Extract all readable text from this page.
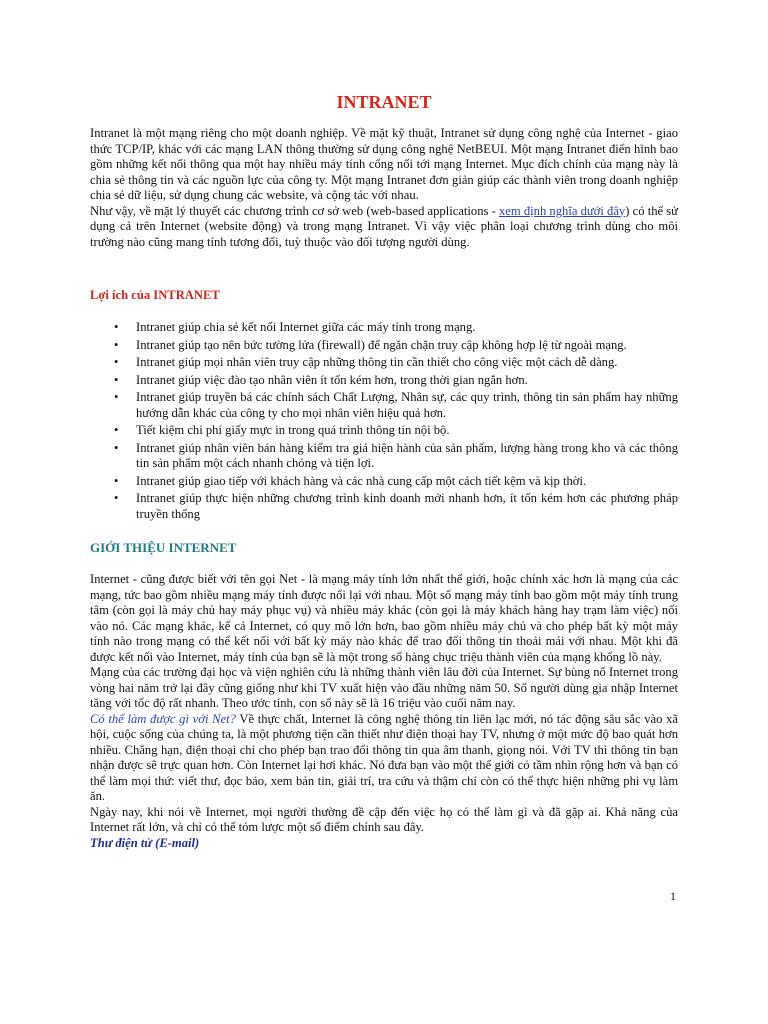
INTRANET

Intranet là một mạng riêng cho một doanh nghiệp. Về mặt kỹ thuật, Intranet sử dụng công nghệ của Internet - giao thức TCP/IP, khác với các mạng LAN thông thường sử dụng công nghệ NetBEUI. Một mạng Intranet điển hình bao gồm những kết nối thông qua một hay nhiều máy tính cổng nối tới mạng Internet. Mục đích chính của mạng này là chia sẻ thông tin và các nguồn lực của công ty. Một mạng Intranet đơn giản giúp các thành viên trong doanh nghiệp chia sẻ dữ liệu, sử dụng chung các website, và cộng tác với nhau.

Như vậy, về mặt lý thuyết các chương trình cơ sở web (web-based applications - xem định nghĩa dưới đây) có thể sử dụng cả trên Internet (website động) và trong mạng Intranet. Vì vậy việc phân loại chương trình dùng cho môi trường nào cũng mang tính tương đối, tuỳ thuộc vào đối tượng người dùng.

Lợi ích của INTRANET
• Intranet giúp chia sẻ kết nối Internet giữa các máy tính trong mạng.
• Intranet giúp tạo nên bức tường lửa (firewall) để ngăn chặn truy cập không hợp lệ từ ngoài mạng.
• Intranet giúp mọi nhân viên truy cập những thông tin cần thiết cho công việc một cách dễ dàng.
• Intranet giúp việc đào tạo nhân viên ít tốn kém hơn, trong thời gian ngắn hơn.
• Intranet giúp truyền bá các chính sách Chất Lượng, Nhân sự, các quy trình, thông tin sản phẩm hay những hướng dẫn khác của công ty cho mọi nhân viên hiệu quả hơn.
• Tiết kiệm chi phí giấy mực in trong quá trình thông tin nội bộ.
• Intranet giúp nhân viên bán hàng kiểm tra giá hiện hành của sản phẩm, lượng hàng trong kho và các thông tin sản phẩm một cách nhanh chóng và tiện lợi.
• Intranet giúp giao tiếp với khách hàng và các nhà cung cấp một cách tiết kệm và kịp thời.
• Intranet giúp thực hiện những chương trình kinh doanh mới nhanh hơn, ít tốn kém hơn các phương pháp truyền thống
GIỚI THIỆU INTERNET

Internet - cũng được biết với tên gọi Net - là mạng máy tính lớn nhất thế giới, hoặc chính xác hơn là mạng của các mạng, tức bao gồm nhiều mạng máy tính được nối lại với nhau. Một số mạng máy tính bao gồm một máy tính trung tâm (còn gọi là máy chủ hay máy phục vụ) và nhiều máy khác (còn gọi là máy khách hàng hay trạm làm việc) nối vào nó. Các mạng khác, kể cả Internet, có quy mô lớn hơn, bao gồm nhiều máy chủ và cho phép bất kỳ một máy tính nào trong mạng có thể kết nối với bất kỳ máy nào khác để trao đổi thông tin thoải mái với nhau. Một khi đã được kết nối vào Internet, máy tính của bạn sẽ là một trong số hàng chục triệu thành viên của mạng khổng lồ này.

Mạng của các trường đại học và viện nghiên cứu là những thành viên lâu đời của Internet. Sự bùng nổ Internet trong vòng hai năm trở lại đây cũng giống như khi TV xuất hiện vào đầu những năm 50. Số người dùng gia nhập Internet tăng với tốc độ rất nhanh. Theo ước tính, con số này sẽ là 16 triệu vào cuối năm nay.

Có thể làm được gì với Net? Về thực chất, Internet là công nghệ thông tin liên lạc mới, nó tác động sâu sắc vào xã hội, cuộc sống của chúng ta, là một phương tiện cần thiết như điện thoại hay TV, nhưng ở một mức độ bao quát hơn nhiều. Chẳng hạn, điện thoại chỉ cho phép bạn trao đổi thông tin qua âm thanh, giọng nói. Với TV thì thông tin bạn nhận được sẽ trực quan hơn. Còn Internet lại hơi khác. Nó đưa bạn vào một thế giới có tầm nhìn rộng hơn và bạn có thể làm mọi thứ: viết thư, đọc báo, xem bản tin, giải trí, tra cứu và thậm chí còn có thể thực hiện những phi vụ làm ăn.

Ngày nay, khi nói về Internet, mọi người thường đề cập đến việc họ có thể làm gì và đã gặp ai. Khả năng của Internet rất lớn, và chỉ có thể tóm lược một số điểm chính sau đây.

Thư điện tử (E-mail)

1
